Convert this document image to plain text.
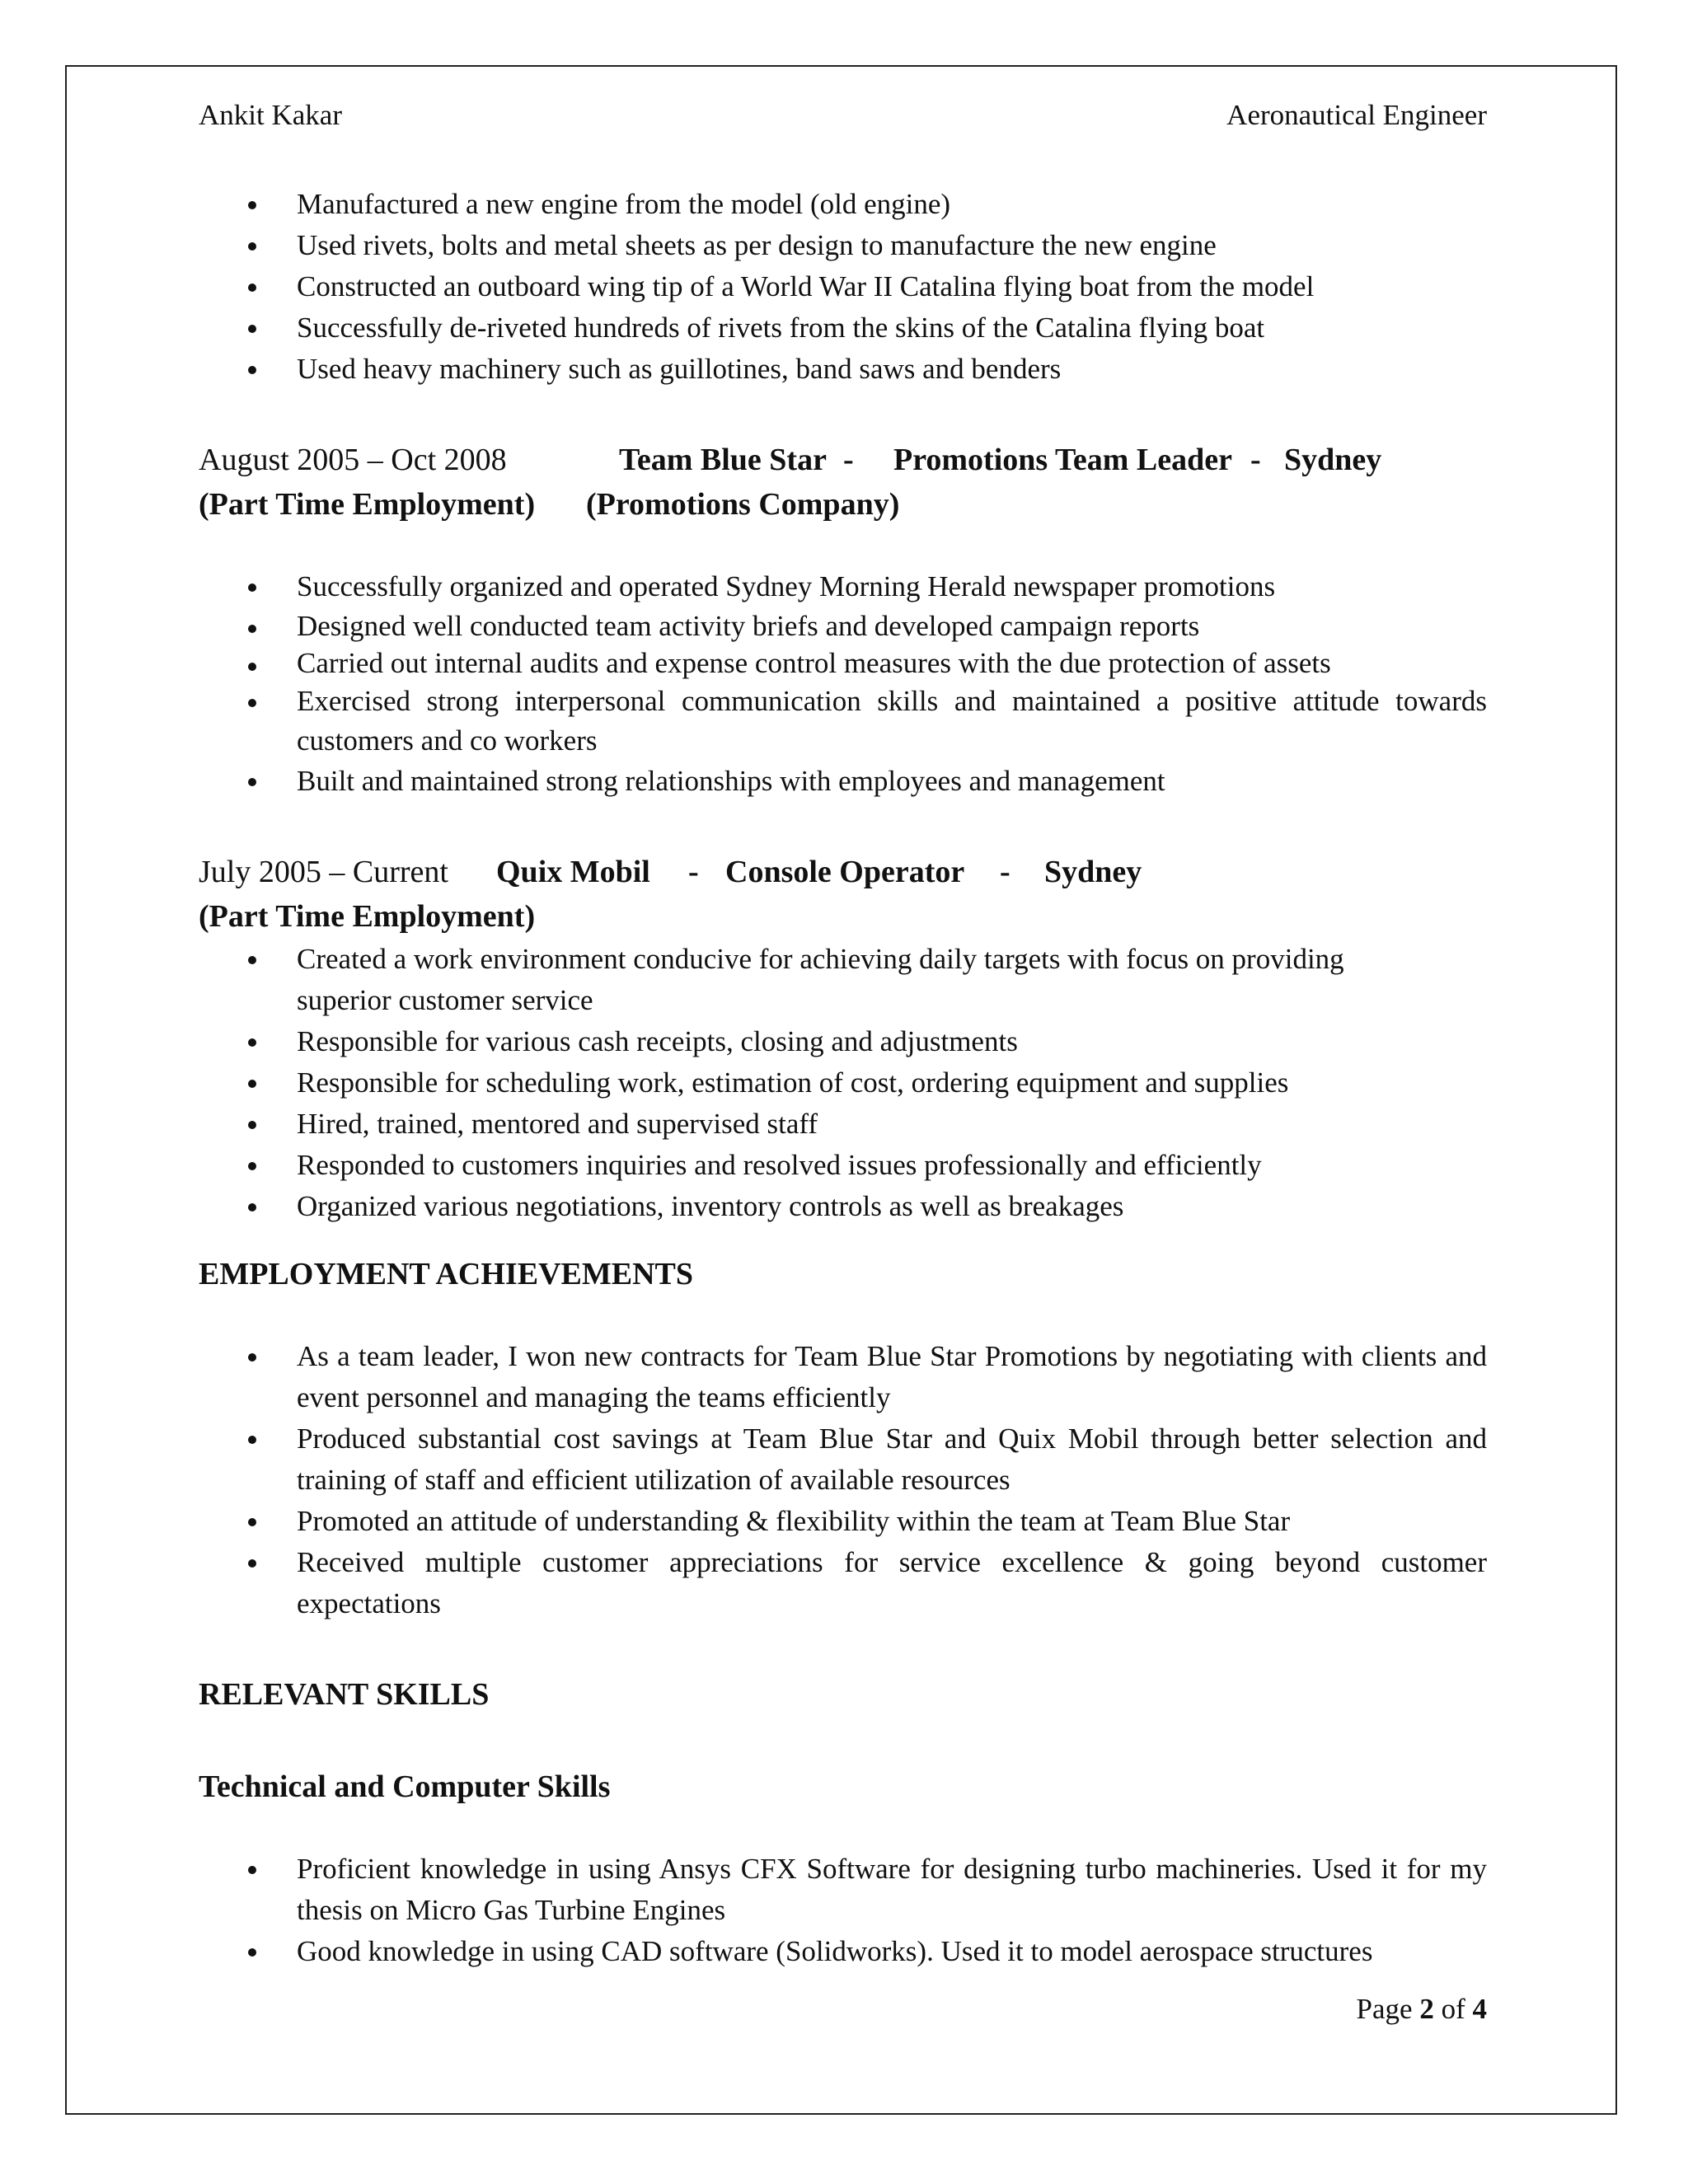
Ankit Kakar	Aeronautical Engineer
Manufactured a new engine from the model (old engine)
Used rivets, bolts and metal sheets as per design to manufacture the new engine
Constructed an outboard wing tip of a World War II Catalina flying boat from the model
Successfully de-riveted hundreds of rivets from the skins of the Catalina flying boat
Used heavy machinery such as guillotines, band saws and benders
August 2005 – Oct 2008	Team Blue Star -	Promotions Team Leader - Sydney
(Part Time Employment)	(Promotions Company)
Successfully organized and operated Sydney Morning Herald newspaper promotions
Designed well conducted team activity briefs and developed campaign reports
Carried out internal audits and expense control measures with the due protection of assets
Exercised strong interpersonal communication skills and maintained a positive attitude towards customers and co workers
Built and maintained strong relationships with employees and management
July 2005 – Current	Quix Mobil	- Console Operator	-	Sydney
(Part Time Employment)
Created a work environment conducive for achieving daily targets with focus on providing superior customer service
Responsible for various cash receipts, closing and adjustments
Responsible for scheduling work, estimation of cost, ordering equipment and supplies
Hired, trained, mentored and supervised staff
Responded to customers inquiries and resolved issues professionally and efficiently
Organized various negotiations, inventory controls as well as breakages
EMPLOYMENT ACHIEVEMENTS
As a team leader, I won new contracts for Team Blue Star Promotions by negotiating with clients and event personnel and managing the teams efficiently
Produced substantial cost savings at Team Blue Star and Quix Mobil through better selection and training of staff and efficient utilization of available resources
Promoted an attitude of understanding & flexibility within the team at Team Blue Star
Received multiple customer appreciations for service excellence & going beyond customer expectations
RELEVANT SKILLS
Technical and Computer Skills
Proficient knowledge in using Ansys CFX Software for designing turbo machineries. Used it for my thesis on Micro Gas Turbine Engines
Good knowledge in using CAD software (Solidworks). Used it to model aerospace structures
Page 2 of 4
